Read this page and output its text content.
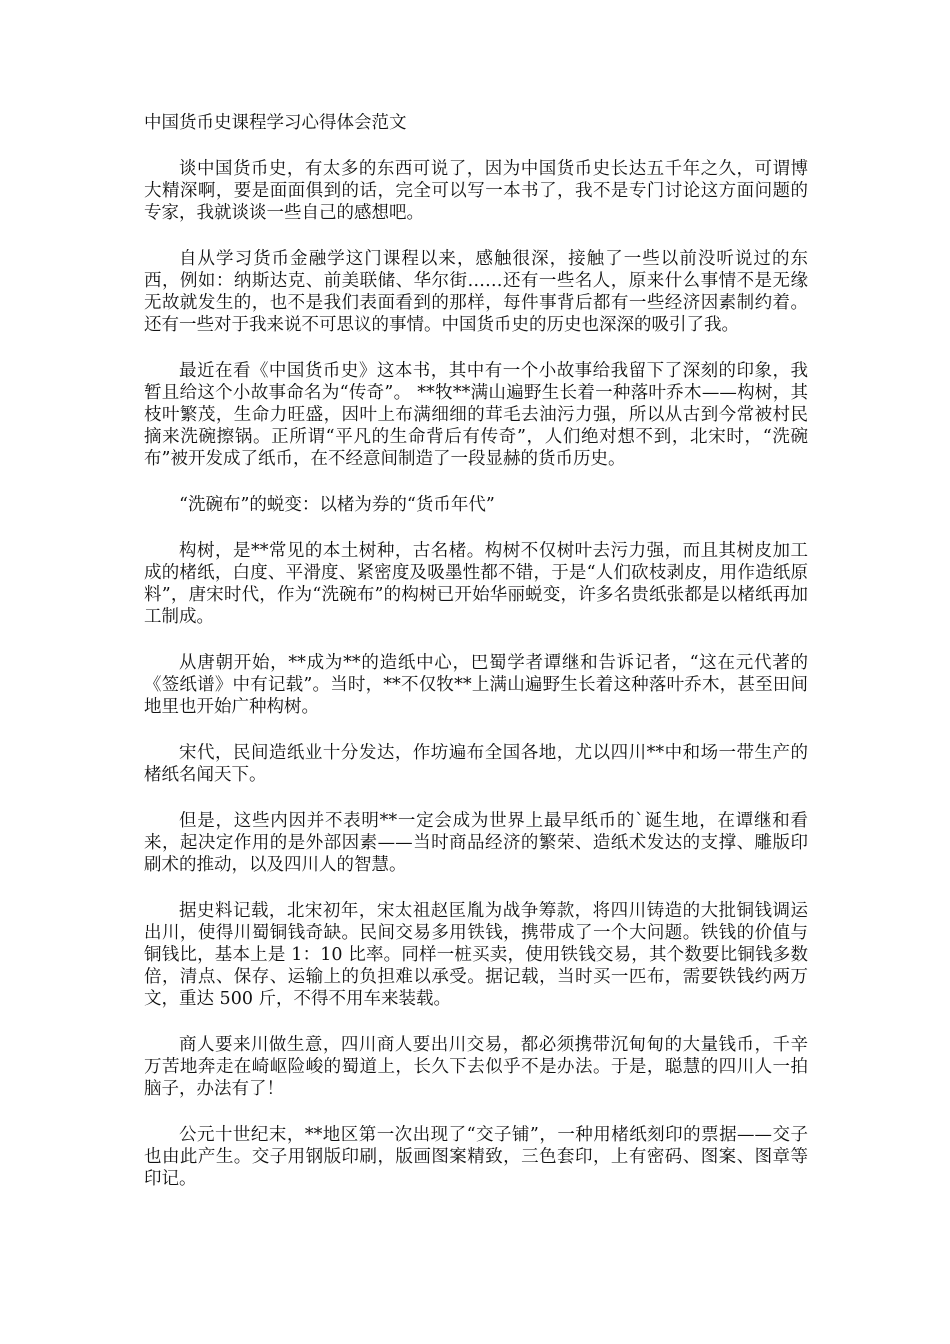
中国货币史课程学习心得体会范文

谈中国货币史，有太多的东西可说了，因为中国货币史长达五千年之久，可谓博大精深啊，要是面面俱到的话，完全可以写一本书了，我不是专门讨论这方面问题的专家，我就谈谈一些自己的感想吧。

自从学习货币金融学这门课程以来，感触很深，接触了一些以前没听说过的东西，例如：纳斯达克、前美联储、华尔街……还有一些名人，原来什么事情不是无缘无故就发生的，也不是我们表面看到的那样，每件事背后都有一些经济因素制约着。还有一些对于我来说不可思议的事情。中国货币史的历史也深深的吸引了我。

最近在看《中国货币史》这本书，其中有一个小故事给我留下了深刻的印象，我暂且给这个小故事命名为“传奇”。 **牧**满山遍野生长着一种落叶乔木——构树，其枝叶繁茂，生命力旺盛，因叶上布满细细的茸毛去油污力强，所以从古到今常被村民摘来洗碗擦锅。正所谓“平凡的生命背后有传奇”，人们绝对想不到，北宋时，“洗碗布”被开发成了纸币，在不经意间制造了一段显赫的货币历史。

“洗碗布”的蜕变：以楮为券的“货币年代”

构树，是**常见的本土树种，古名楮。构树不仅树叶去污力强，而且其树皮加工成的楮纸，白度、平滑度、紧密度及吸墨性都不错，于是“人们砍枝剥皮，用作造纸原料”，唐宋时代，作为“洗碗布”的构树已开始华丽蜕变，许多名贵纸张都是以楮纸再加工制成。

从唐朝开始，**成为**的造纸中心，巴蜀学者谭继和告诉记者，“这在元代著的《签纸谱》中有记载”。当时，**不仅牧**上满山遍野生长着这种落叶乔木，甚至田间地里也开始广种构树。

宋代，民间造纸业十分发达，作坊遍布全国各地，尤以四川**中和场一带生产的楮纸名闻天下。

但是，这些内因并不表明**一定会成为世界上最早纸币的`诞生地，在谭继和看来，起决定作用的是外部因素——当时商品经济的繁荣、造纸术发达的支撑、雕版印刷术的推动，以及四川人的智慧。

据史料记载，北宋初年，宋太祖赵匡胤为战争筹款，将四川铸造的大批铜钱调运出川，使得川蜀铜钱奇缺。民间交易多用铁钱，携带成了一个大问题。铁钱的价值与铜钱比，基本上是 1：10 比率。同样一桩买卖，使用铁钱交易，其个数要比铜钱多数倍，清点、保存、运输上的负担难以承受。据记载，当时买一匹布，需要铁钱约两万文，重达 500 斤，不得不用车来装载。

商人要来川做生意，四川商人要出川交易，都必须携带沉甸甸的大量钱币，千辛万苦地奔走在崎岖险峻的蜀道上，长久下去似乎不是办法。于是，聪慧的四川人一拍脑子，办法有了！

公元十世纪末，**地区第一次出现了“交子铺”，一种用楮纸刻印的票据——交子也由此产生。交子用钢版印刷，版画图案精致，三色套印，上有密码、图案、图章等印记。
